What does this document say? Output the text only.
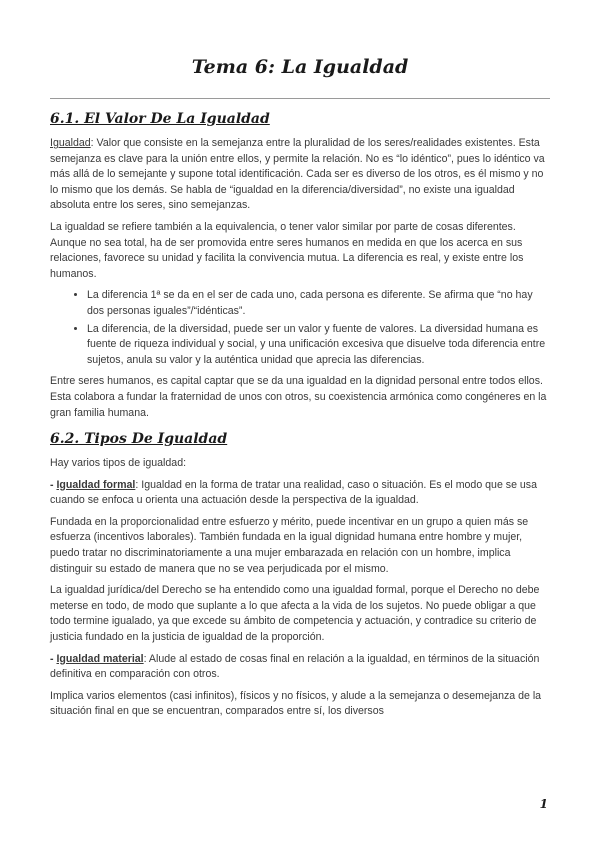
Tema 6: La Igualdad
6.1. El Valor De La Igualdad

Igualdad: Valor que consiste en la semejanza entre la pluralidad de los seres/realidades existentes. Esta semejanza es clave para la unión entre ellos, y permite la relación. No es “lo idéntico”, pues lo idéntico va más allá de lo semejante y supone total identificación. Cada ser es diverso de los otros, es él mismo y no lo mismo que los demás. Se habla de “igualdad en la diferencia/diversidad”, no existe una igualdad absoluta entre los seres, sino semejanzas.

La igualdad se refiere también a la equivalencia, o tener valor similar por parte de cosas diferentes. Aunque no sea total, ha de ser promovida entre seres humanos en medida en que los acerca en sus relaciones, favorece su unidad y facilita la convivencia mutua. La diferencia es real, y existe entre los humanos.

• La diferencia 1ª se da en el ser de cada uno, cada persona es diferente. Se afirma que “no hay dos personas iguales”/“idénticas”.
• La diferencia, de la diversidad, puede ser un valor y fuente de valores. La diversidad humana es fuente de riqueza individual y social, y una unificación excesiva que disuelve toda diferencia entre sujetos, anula su valor y la auténtica unidad que aprecia las diferencias.

Entre seres humanos, es capital captar que se da una igualdad en la dignidad personal entre todos ellos. Esta colabora a fundar la fraternidad de unos con otros, su coexistencia armónica como congéneres en la gran familia humana.

6.2. Tipos De Igualdad

Hay varios tipos de igualdad:

- Igualdad formal: Igualdad en la forma de tratar una realidad, caso o situación. Es el modo que se usa cuando se enfoca u orienta una actuación desde la perspectiva de la igualdad.

Fundada en la proporcionalidad entre esfuerzo y mérito, puede incentivar en un grupo a quien más se esfuerza (incentivos laborales). También fundada en la igual dignidad humana entre hombre y mujer, puedo tratar no discriminatoriamente a una mujer embarazada en relación con un hombre, implica distinguir su estado de manera que no se vea perjudicada por el mismo.

La igualdad jurídica/del Derecho se ha entendido como una igualdad formal, porque el Derecho no debe meterse en todo, de modo que suplante a lo que afecta a la vida de los sujetos. No puede obligar a que todo termine igualado, ya que excede su ámbito de competencia y actuación, y contradice su criterio de justicia fundado en la justicia de igualdad de la proporción.

- Igualdad material: Alude al estado de cosas final en relación a la igualdad, en términos de la situación definitiva en comparación con otros.

Implica varios elementos (casi infinitos), físicos y no físicos, y alude a la semejanza o desemejanza de la situación final en que se encuentran, comparados entre sí, los diversos

1
